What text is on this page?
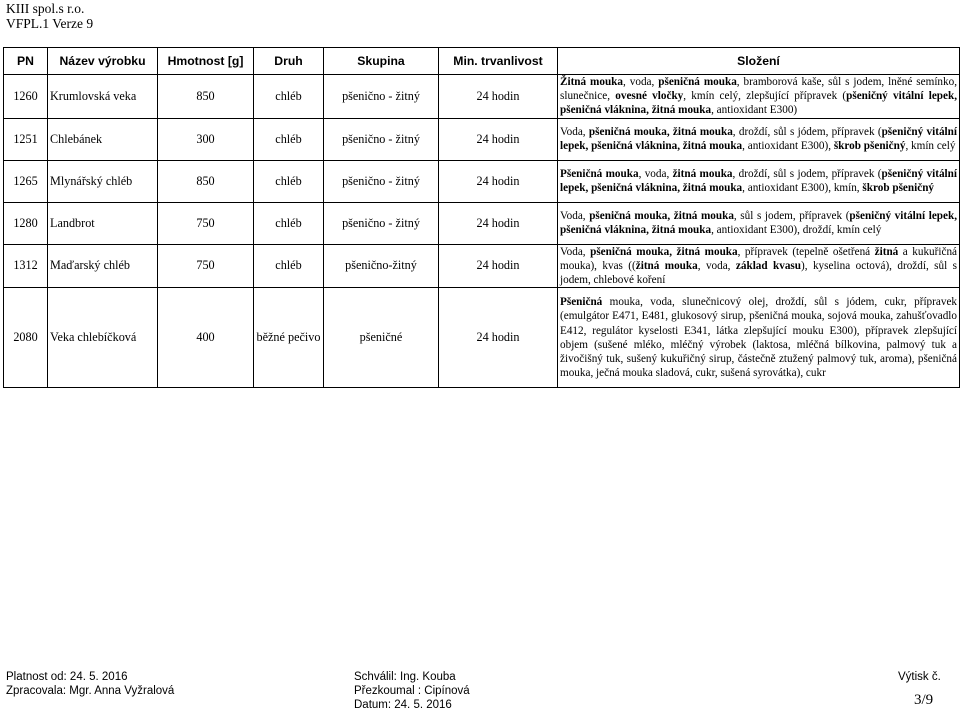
KIII spol.s r.o.
VFPL.1 Verze 9
PN	Název výrobku	Hmotnost [g]	Druh	Skupina	Min. trvanlivost	Složení
1260	Krumlovská veka	850	chléb	pšenično - žitný	24 hodin	Žitná mouka, voda, pšeničná mouka, bramborová kaše, sůl s jodem, lněné semínko, slunečnice, ovesné vločky, kmín celý, zlepšující přípravek (pšeničný vitální lepek, pšeničná vláknina, žitná mouka, antioxidant E300)
1251	Chlebánek	300	chléb	pšenično - žitný	24 hodin	Voda, pšeničná mouka, žitná mouka, droždí, sůl s jódem, přípravek (pšeničný vitální lepek, pšeničná vláknina, žitná mouka, antioxidant E300), škrob pšeničný, kmín celý
1265	Mlynářský chléb	850	chléb	pšenično - žitný	24 hodin	Pšeničná mouka, voda, žitná mouka, droždí, sůl s jodem, přípravek (pšeničný vitální lepek, pšeničná vláknina, žitná mouka, antioxidant E300), kmín, škrob pšeničný
1280	Landbrot	750	chléb	pšenično - žitný	24 hodin	Voda, pšeničná mouka, žitná mouka, sůl s jodem, přípravek (pšeničný vitální lepek, pšeničná vláknina, žitná mouka, antioxidant E300), droždí, kmín celý
1312	Maďarský chléb	750	chléb	pšenično-žitný	24 hodin	Voda, pšeničná mouka, žitná mouka, přípravek (tepelně ošetřená žitná a kukuřičná mouka), kvas ((žitná mouka, voda, základ kvasu), kyselina octová), droždí, sůl s jodem, chlebové koření
2080	Veka chlebíčková	400	běžné pečivo	pšeničné	24 hodin	Pšeničná mouka, voda, slunečnicový olej, droždí, sůl s jódem, cukr, přípravek (emulgátor E471, E481, glukosový sirup, pšeničná mouka, sojová mouka, zahušťovadlo E412, regulátor kyselosti E341, látka zlepšující mouku E300), přípravek zlepšující objem (sušené mléko, mléčný výrobek (laktosa, mléčná bílkovina, palmový tuk a živočišný tuk, sušený kukuřičný sirup, částečně ztužený palmový tuk, aroma), pšeničná mouka, ječná mouka sladová, cukr, sušená syrovátka), cukr
Platnost od: 24. 5. 2016
Zpracovala: Mgr. Anna Vyžralová
Schválil: Ing. Kouba
Přezkoumal : Cipínová
Datum: 24. 5. 2016
Výtisk č.
3/9
